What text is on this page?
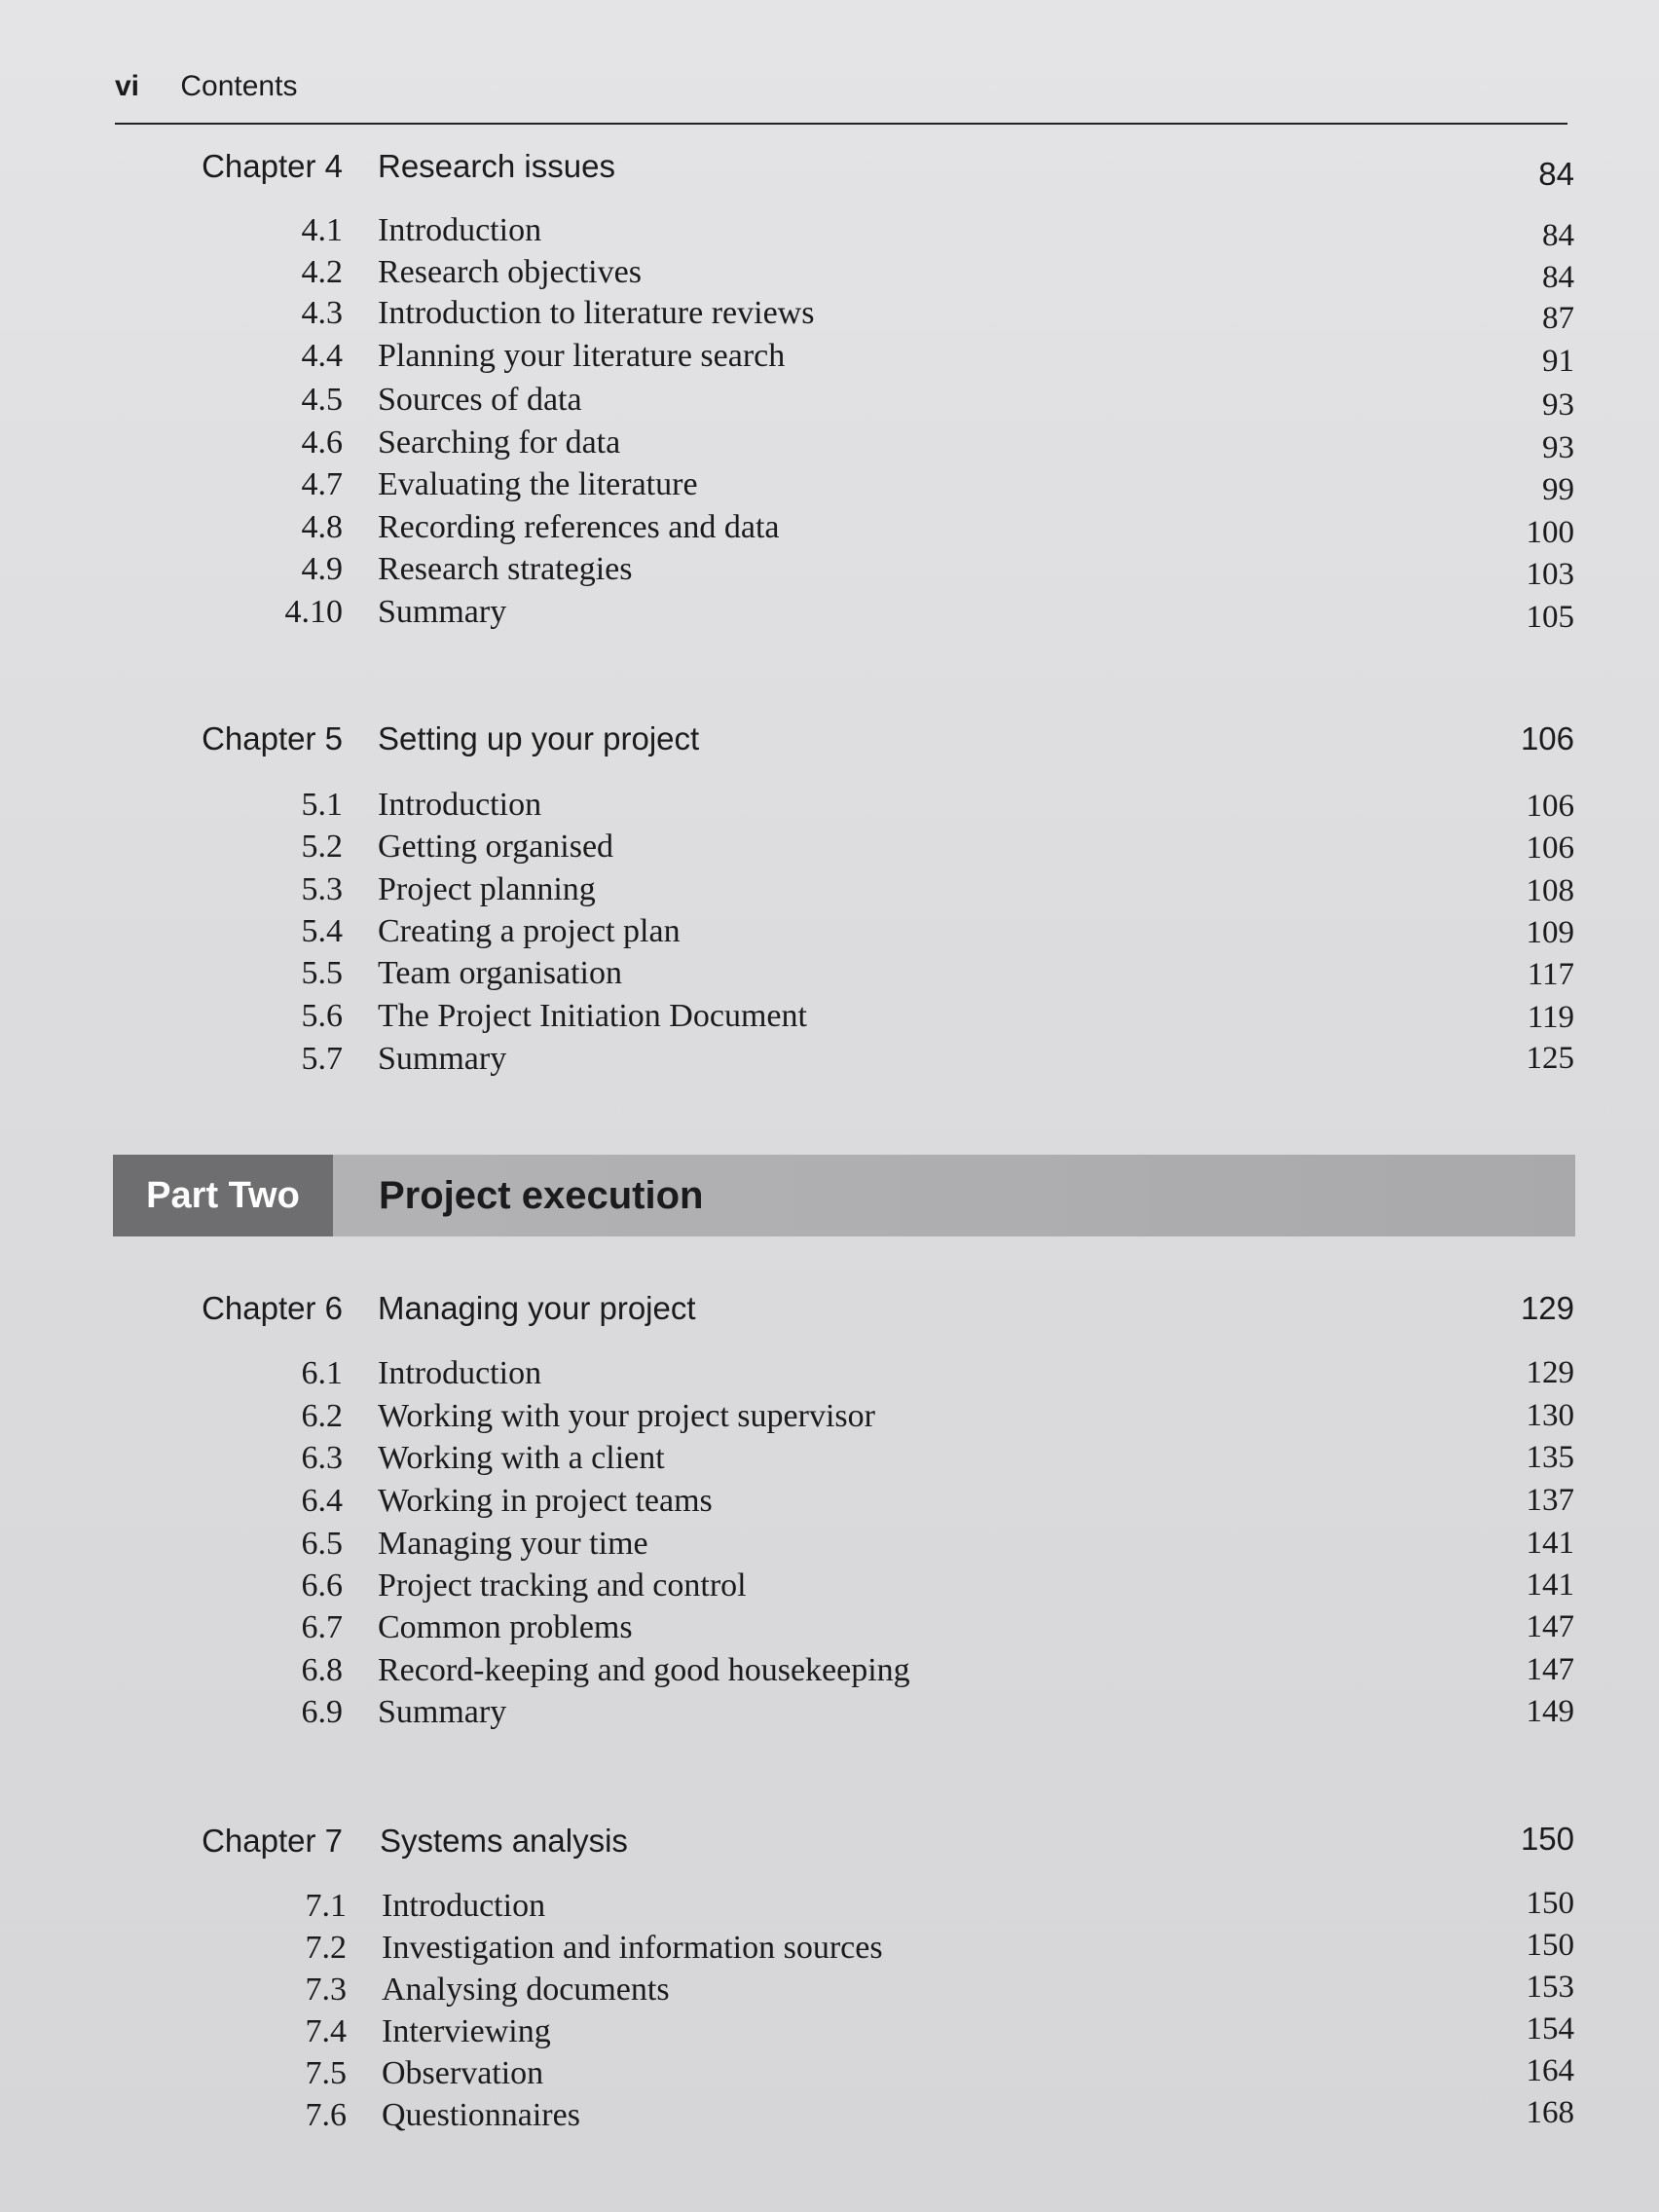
vi Contents
Chapter 4 Research issues	84
4.1 Introduction	84
4.2 Research objectives	84
4.3 Introduction to literature reviews	87
4.4 Planning your literature search	91
4.5 Sources of data	93
4.6 Searching for data	93
4.7 Evaluating the literature	99
4.8 Recording references and data	100
4.9 Research strategies	103
4.10 Summary	105
Chapter 5 Setting up your project	106
5.1 Introduction	106
5.2 Getting organised	106
5.3 Project planning	108
5.4 Creating a project plan	109
5.5 Team organisation	117
5.6 The Project Initiation Document	119
5.7 Summary	125
Part Two	Project execution
Chapter 6 Managing your project	129
6.1 Introduction	129
6.2 Working with your project supervisor	130
6.3 Working with a client	135
6.4 Working in project teams	137
6.5 Managing your time	141
6.6 Project tracking and control	141
6.7 Common problems	147
6.8 Record-keeping and good housekeeping	147
6.9 Summary	149
Chapter 7 Systems analysis	150
7.1 Introduction	150
7.2 Investigation and information sources	150
7.3 Analysing documents	153
7.4 Interviewing	154
7.5 Observation	164
7.6 Questionnaires	168
